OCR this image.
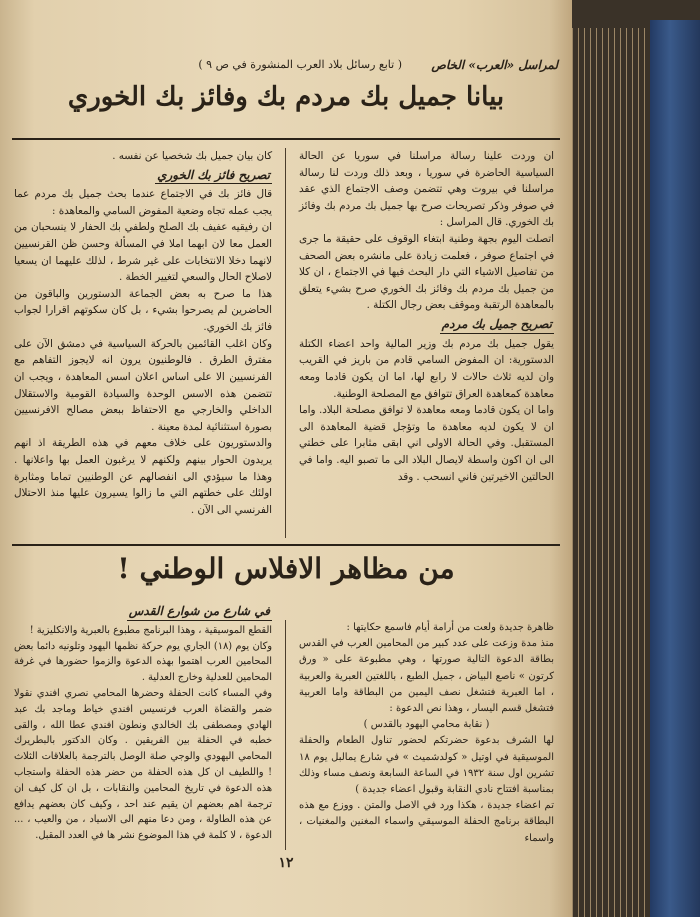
لمراسل «العرب» الخاص
( تابع رسائل بلاد العرب المنشورة في ص ٩ )
بيانا جميل بك مردم بك وفائز بك الخوري

ان وردت علينا رسالة مراسلنا في سوريا عن الحالة السياسية الحاضرة في سوريا ، وبعد ذلك وردت لنا رسالة مراسلنا في بيروت وهي تتضمن وصف الاجتماع الذي عقد في صوفر وذكر تصريحات صرح بها جميل بك مردم بك وفائز بك الخوري. قال المراسل :

اتصلت اليوم بجهة وطنية ابتغاء الوقوف على حقيقة ما جرى في اجتماع صوفر ، فعلمت زيادة على مانشره بعض الصحف من تفاصيل الاشياء التي دار البحث فيها في الاجتماع ، ان كلا من جميل بك مردم بك وفائز بك الخوري صرح بشيء يتعلق بالمعاهدة الرتقبة وموقف بعض رجال الكتلة .

تصريح جميل بك مردم

يقول جميل بك مردم بك وزير المالية واحد اعضاء الكتلة الدستورية: ان المفوض السامي قادم من باريز في القريب وان لديه ثلاث حالات لا رابع لها، اما ان يكون قادما ومعه معاهدة كمعاهدة العراق تتوافق مع المصلحة الوطنية.

واما ان يكون قادما ومعه معاهدة لا توافق مصلحة البلاد. واما ان لا يكون لديه معاهدة ما وتؤجل قضية المعاهدة الى المستقبل. وفي الحالة الاولى اني ابقى مثابرا على خطتي الى ان اكون واسطة لايصال البلاد الى ما تصبو اليه. واما في الحالتين الاخيرتين فاني انسحب . وقد

كان بيان جميل بك شخصيا عن نفسه .

تصريح فائز بك الخوري

قال فائز بك في الاجتماع عندما بحث جميل بك مردم عما يجب عمله تجاه وضعية المفوض السامي والمعاهدة :

ان رفيقيه عفيف بك الصلح ولطفي بك الحفار لا ينسحبان من العمل معا لان ابهما املا في المسألة وحسن ظن القرنسيين لانهما دخلا الانتخابات على غير شرط ، لذلك عليهما ان يسعيا لاصلاح الحال والسعي لتغيير الخطة .

هذا ما صرح به بعض الجماعة الدستورين والباقون من الحاضرين لم يصرحوا بشيء ، بل كان سكوتهم اقرارا لجواب فائز بك الخوري.

وكان اغلب القائمين بالحركة السياسية في دمشق الآن على مفترق الطرق . فالوطنيون يرون انه لايجوز التفاهم مع الفرنسيين الا على اساس اعلان اسس المعاهدة ، ويجب ان تتضمن هذه الاسس الوحدة والسيادة القومية والاستقلال الداخلي والخارجي مع الاحتفاظ ببعض مصالح الافرنسيين بصورة استثنائية لمدة معينة .

والدستوريون على خلاف معهم في هذه الطريقة اذ انهم يريدون الحوار بينهم ولكنهم لا يرغبون العمل بها واعلانها . وهذا ما سيؤدي الى انفصالهم عن الوطنيين تماما ومثابرة اولئك على خطتهم التي ما زالوا يسيرون عليها منذ الاحتلال الفرنسي الى الآن .

من مظاهر الافلاس الوطني !
في شارع من شوارع القدس

القطع الموسيقية ، وهذا البرنامج مطبوع بالعبرية والانكليزية !

وكان يوم (١٨) الجاري يوم حركة نظمها اليهود وتلونيه دائما بعض المحامين العرب اهتموا بهذه الدعوة والزموا حضورها في غرفة المحامين للعدلية وخارج العدلية .

وفي المساء كانت الحفلة وحضرها المحامي نصري افندي نقولا ضمر والقضاة العرب فرنسيس افندي خياط وماجد بك عبد الهادي ومصطفى بك الخالدي ونطون افندي عطا الله ، والقى خطبه في الحفلة بين الفريقين . وكان الدكتور بالبطريرك المحامي اليهودي والوجي صلة الوصل بالترجمة بالعلاقات الثلاث ! واللطيف ان كل هذه الحفلة من حضر هذه الحفلة واستجاب هذه الدعوة في تاريخ المحامين والنقابات ، بل ان كل كيف ان ترجمة اهم بعضهم ان يقيم عند احد ، وكيف كان بعضهم يدافع عن هذه الطاولة ، ومن دعا منهم الى الاسياد ، من والعيب ، ... الدعوة ، لا كلمة في هذا الموضوع نشر ها في العدد المقبل.

ظاهرة جديدة ولعت من أرامة أيام فاسمع حكايتها :

منذ مدة وزعت على عدد كبير من المحامين العرب في القدس بطاقة الدعوة التالية صورتها ، وهي مطبوعة على « ورق كرتون » ناصع البياض ، جميل الطبع ، باللغتين العبرية والعربية ، اما العبرية فتشغل نصف اليمين من البطاقة واما العربية فتشغل قسم اليسار ، وهذا نص الدعوة :

( نقابة محامي اليهود بالقدس )

لها الشرف بدعوة حضرتكم لحضور تناول الطعام والحفلة الموسيقية في اوتيل « كولدشميث » في شارع يمالبل يوم ١٨ تشرين اول سنة ١٩٣٢ في الساعة السابعة ونصف مساء وذلك بمناسبة افتتاح نادي النقابة وقبول اعضاء جديدة )

تم اعضاء جديدة ، هكذا ورد في الاصل والمتن . ووزع مع هذه البطاقة برنامج الحفلة الموسيقي واسماء المغنين والمغنيات ، واسماء

١٢
